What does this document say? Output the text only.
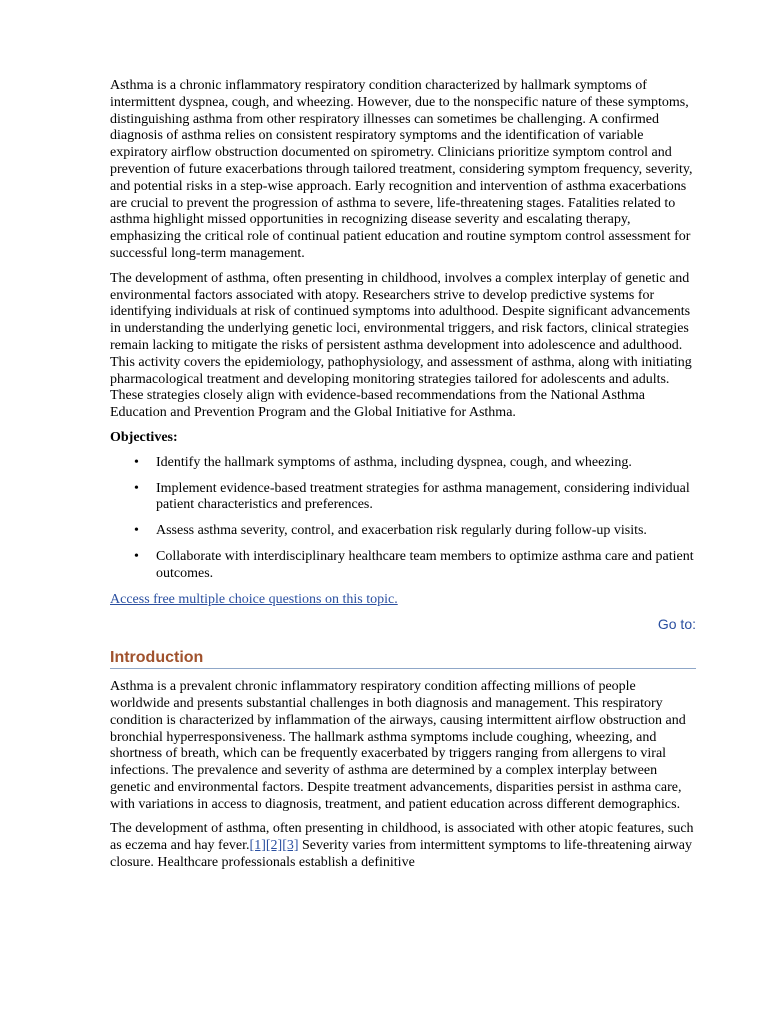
Asthma is a chronic inflammatory respiratory condition characterized by hallmark symptoms of intermittent dyspnea, cough, and wheezing. However, due to the nonspecific nature of these symptoms, distinguishing asthma from other respiratory illnesses can sometimes be challenging. A confirmed diagnosis of asthma relies on consistent respiratory symptoms and the identification of variable expiratory airflow obstruction documented on spirometry. Clinicians prioritize symptom control and prevention of future exacerbations through tailored treatment, considering symptom frequency, severity, and potential risks in a step-wise approach. Early recognition and intervention of asthma exacerbations are crucial to prevent the progression of asthma to severe, life-threatening stages. Fatalities related to asthma highlight missed opportunities in recognizing disease severity and escalating therapy, emphasizing the critical role of continual patient education and routine symptom control assessment for successful long-term management.

The development of asthma, often presenting in childhood, involves a complex interplay of genetic and environmental factors associated with atopy. Researchers strive to develop predictive systems for identifying individuals at risk of continued symptoms into adulthood. Despite significant advancements in understanding the underlying genetic loci, environmental triggers, and risk factors, clinical strategies remain lacking to mitigate the risks of persistent asthma development into adolescence and adulthood. This activity covers the epidemiology, pathophysiology, and assessment of asthma, along with initiating pharmacological treatment and developing monitoring strategies tailored for adolescents and adults. These strategies closely align with evidence-based recommendations from the National Asthma Education and Prevention Program and the Global Initiative for Asthma.

Objectives:

• Identify the hallmark symptoms of asthma, including dyspnea, cough, and wheezing.
• Implement evidence-based treatment strategies for asthma management, considering individual patient characteristics and preferences.
• Assess asthma severity, control, and exacerbation risk regularly during follow-up visits.
• Collaborate with interdisciplinary healthcare team members to optimize asthma care and patient outcomes.

Access free multiple choice questions on this topic.

Go to:
Introduction

Asthma is a prevalent chronic inflammatory respiratory condition affecting millions of people worldwide and presents substantial challenges in both diagnosis and management. This respiratory condition is characterized by inflammation of the airways, causing intermittent airflow obstruction and bronchial hyperresponsiveness. The hallmark asthma symptoms include coughing, wheezing, and shortness of breath, which can be frequently exacerbated by triggers ranging from allergens to viral infections. The prevalence and severity of asthma are determined by a complex interplay between genetic and environmental factors. Despite treatment advancements, disparities persist in asthma care, with variations in access to diagnosis, treatment, and patient education across different demographics.

The development of asthma, often presenting in childhood, is associated with other atopic features, such as eczema and hay fever.[1][2][3] Severity varies from intermittent symptoms to life-threatening airway closure. Healthcare professionals establish a definitive
